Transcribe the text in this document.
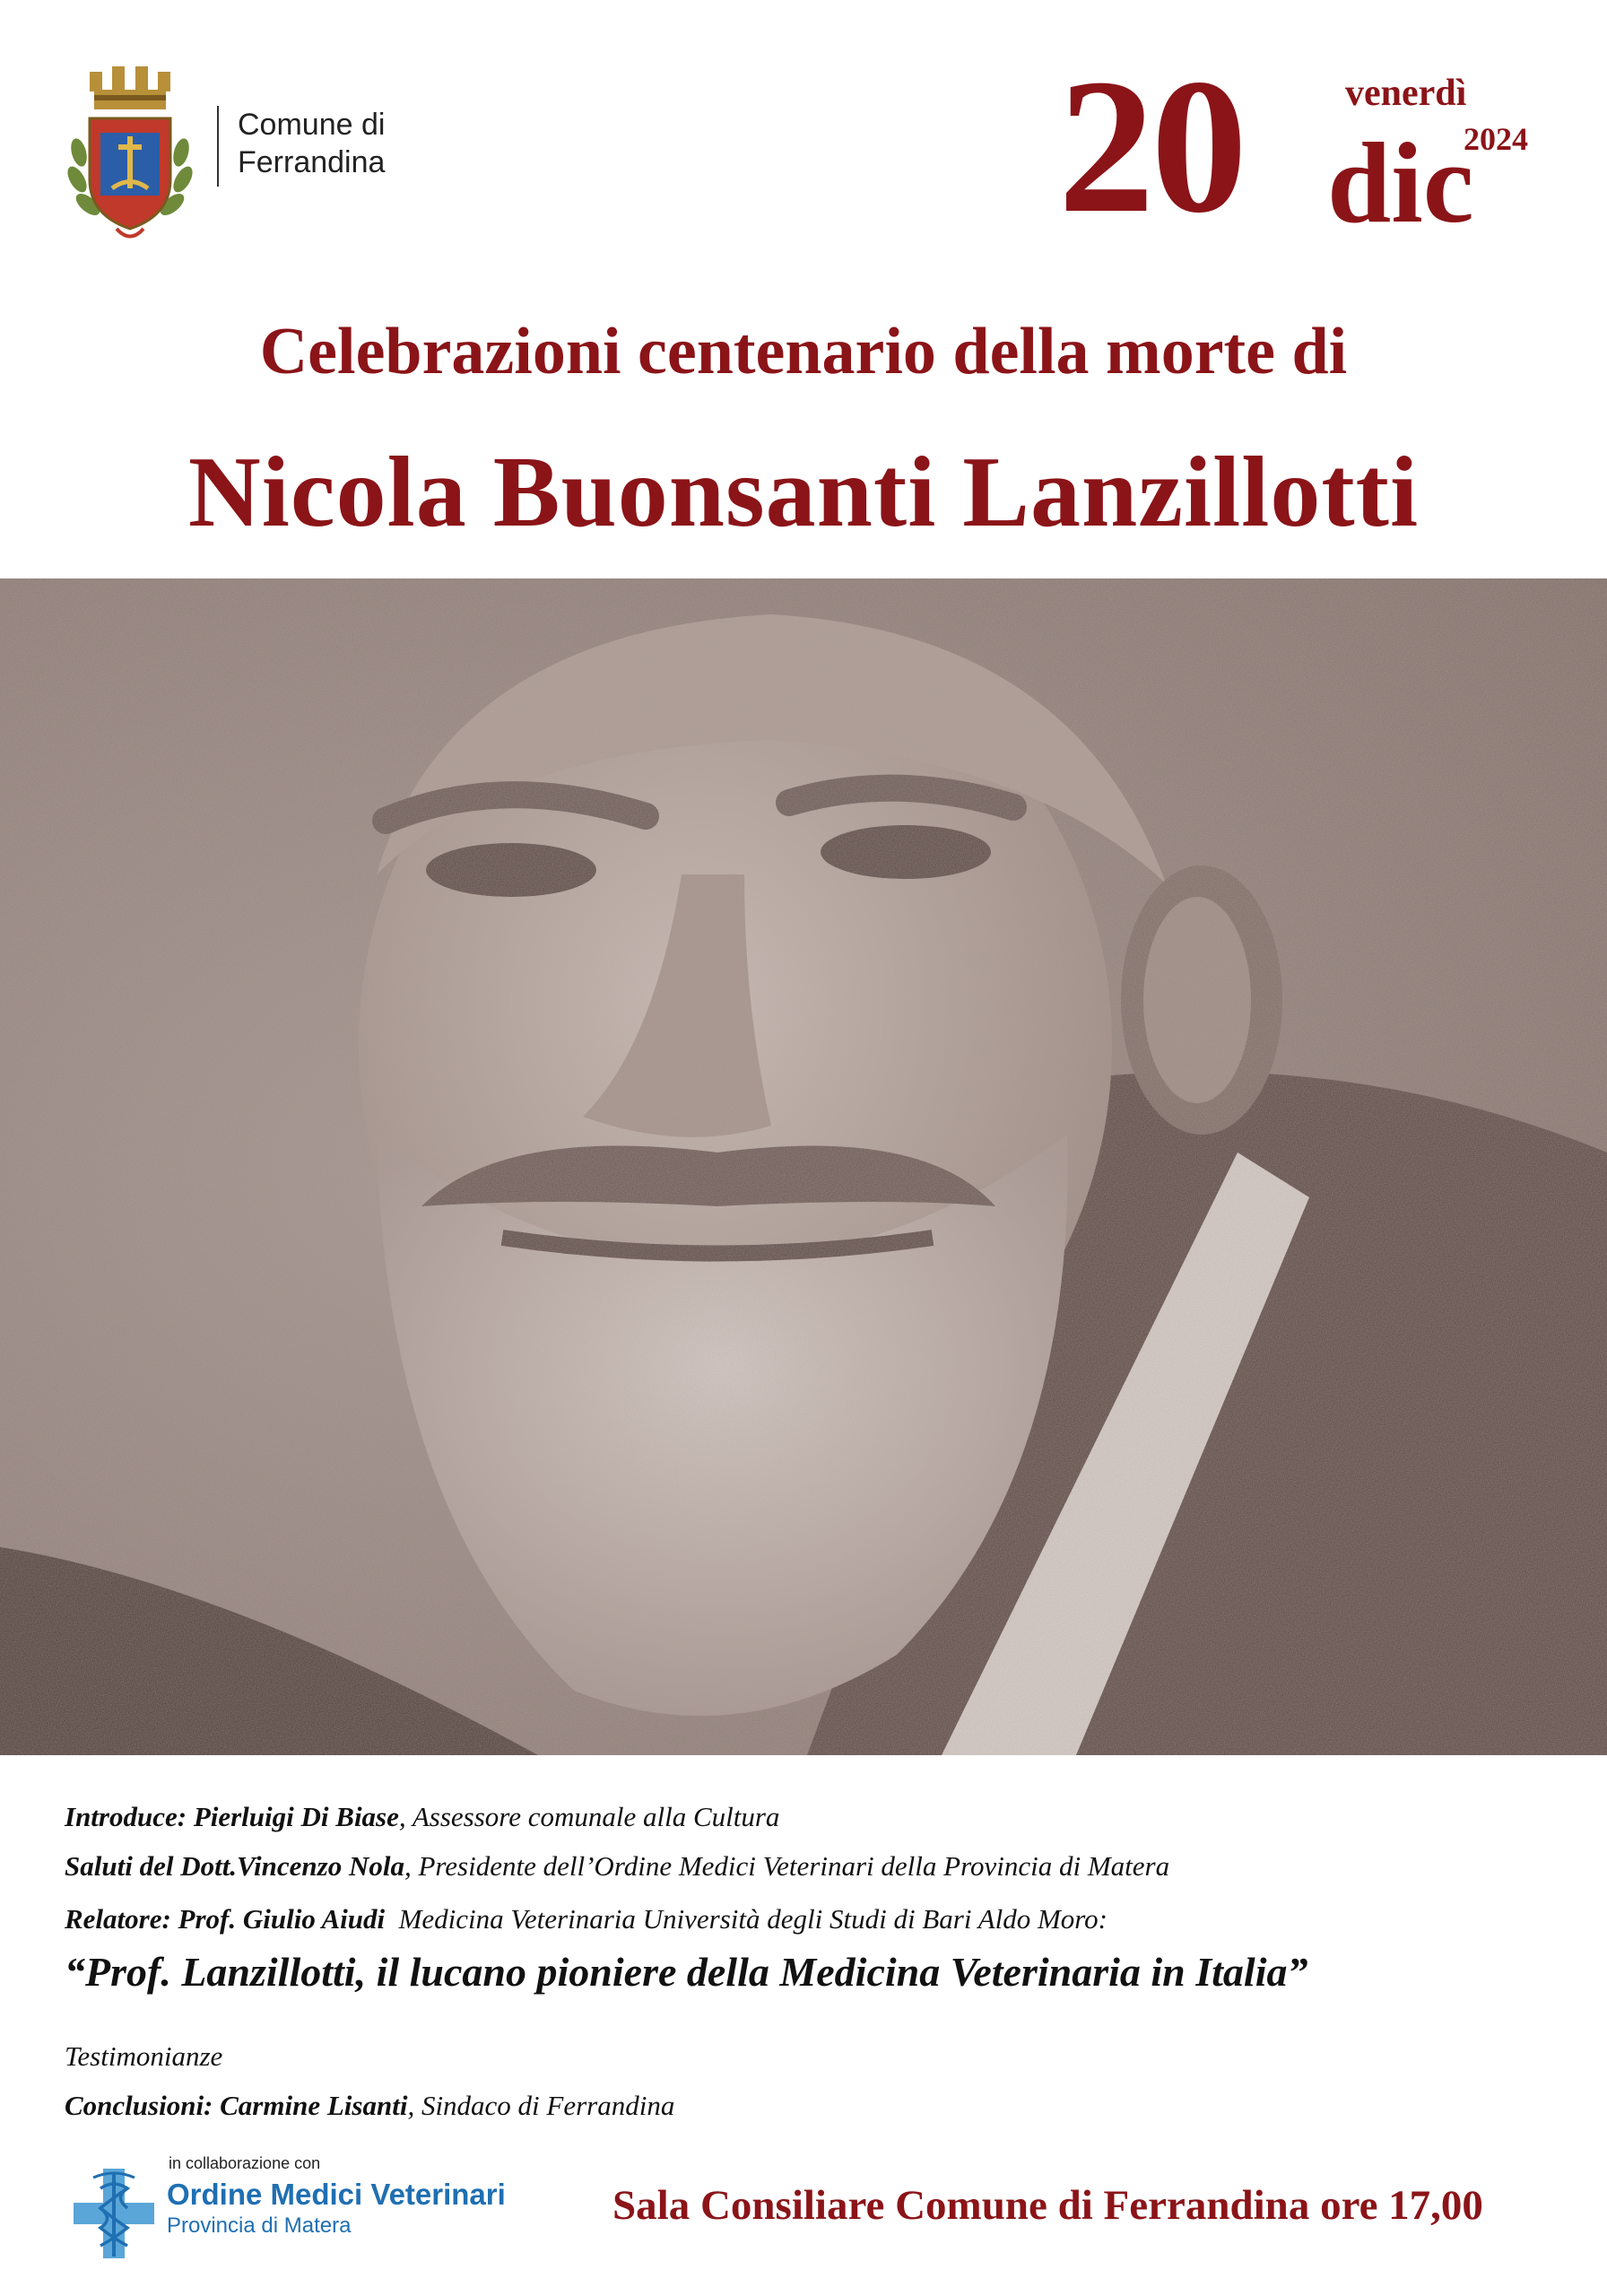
Comune di
Ferrandina	20	venerdì
2024
dic
Celebrazioni centenario della morte di
Nicola Buonsanti Lanzillotti
Introduce: Pierluigi Di Biase, Assessore comunale alla Cultura
Saluti del Dott.Vincenzo Nola, Presidente dell’Ordine Medici Veterinari della Provincia di Matera
Relatore: Prof. Giulio Aiudi  Medicina Veterinaria Università degli Studi di Bari Aldo Moro:
“Prof. Lanzillotti, il lucano pioniere della Medicina Veterinaria in Italia”
Testimonianze
Conclusioni: Carmine Lisanti, Sindaco di Ferrandina
in collaborazione con
Ordine Medici Veterinari
Provincia di Matera	Sala Consiliare Comune di Ferrandina ore 17,00
